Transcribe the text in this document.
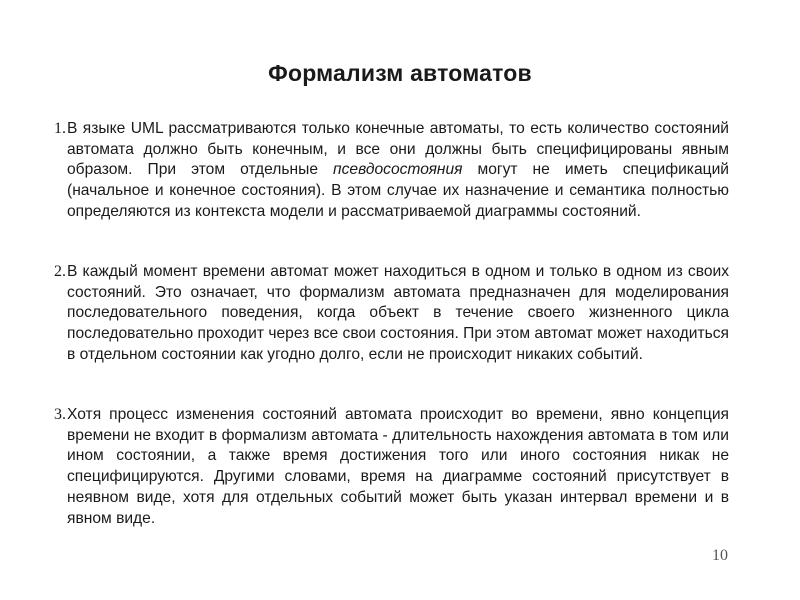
Формализм автоматов
1. В языке UML рассматриваются только конечные автоматы, то есть количество состояний автомата должно быть конечным, и все они должны быть специфицированы явным образом. При этом отдельные псевдосостояния могут не иметь спецификаций (начальное и конечное состояния). В этом случае их назначение и семантика полностью определяются из контекста модели и рассматриваемой диаграммы состояний.
2. В каждый момент времени автомат может находиться в одном и только в одном из своих состояний. Это означает, что формализм автомата предназначен для моделирования последовательного поведения, когда объект в течение своего жизненного цикла последовательно проходит через все свои состояния. При этом автомат может находиться в отдельном состоянии как угодно долго, если не происходит никаких событий.
3. Хотя процесс изменения состояний автомата происходит во времени, явно концепция времени не входит в формализм автомата - длительность нахождения автомата в том или ином состоянии, а также время достижения того или иного состояния никак не специфицируются. Другими словами, время на диаграмме состояний присутствует в неявном виде, хотя для отдельных событий может быть указан интервал времени и в явном виде.
10
